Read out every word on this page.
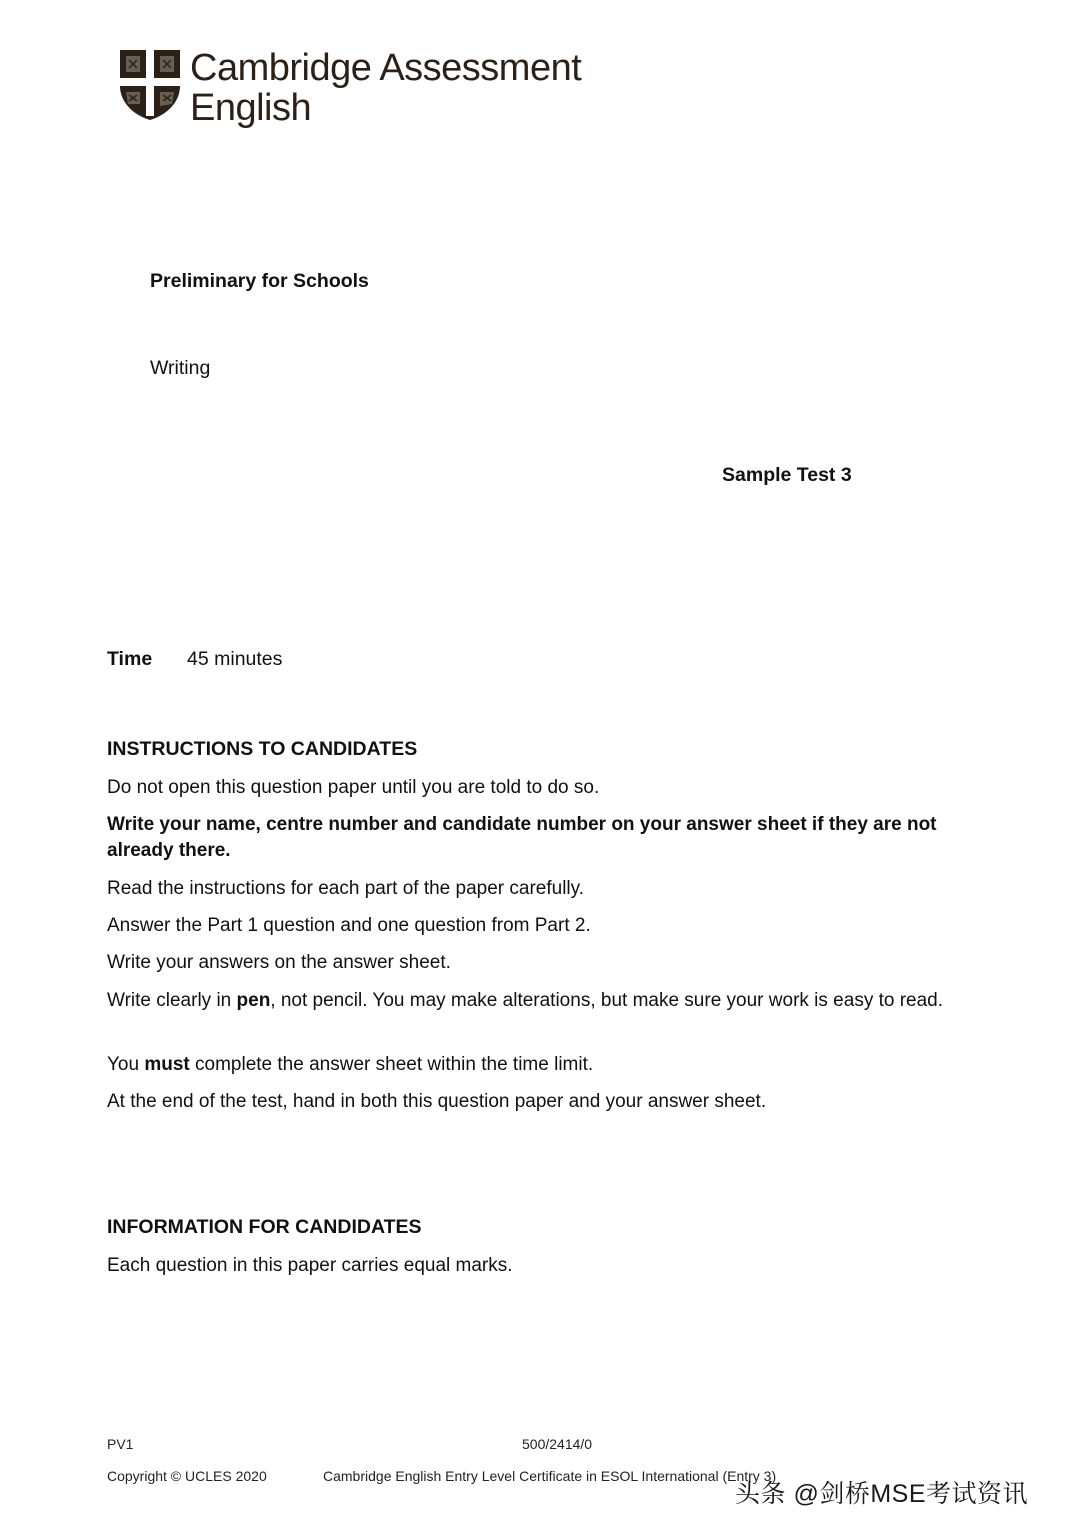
Cambridge Assessment
English
Preliminary for Schools
Writing
Sample Test 3
Time 45 minutes
INSTRUCTIONS TO CANDIDATES
Do not open this question paper until you are told to do so.
Write your name, centre number and candidate number on your answer sheet if they are not already there.
Read the instructions for each part of the paper carefully.
Answer the Part 1 question and one question from Part 2.
Write your answers on the answer sheet.
Write clearly in pen, not pencil. You may make alterations, but make sure your work is easy to read.
You must complete the answer sheet within the time limit.
At the end of the test, hand in both this question paper and your answer sheet.
INFORMATION FOR CANDIDATES
Each question in this paper carries equal marks.
PV1	500/2414/0
Copyright © UCLES 2020	Cambridge English Entry Level Certificate in ESOL International (Entry 3)
头条 @剑桥MSE考试资讯
